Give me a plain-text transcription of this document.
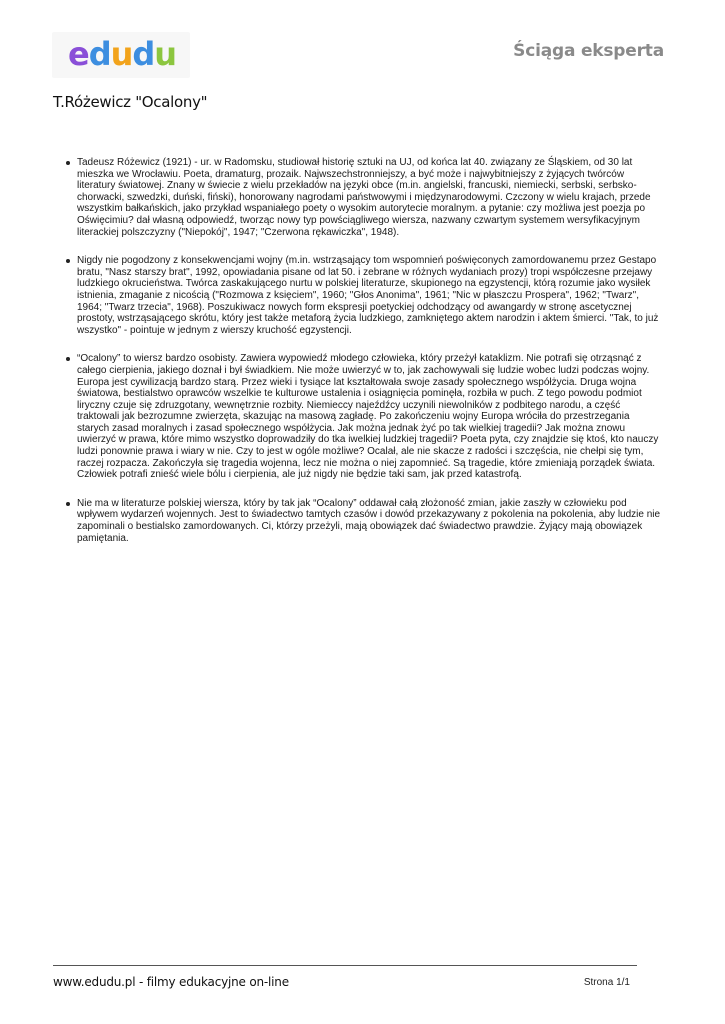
edudu	Ściąga eksperta
T.Różewicz "Ocalony"
Tadeusz Różewicz (1921) - ur. w Radomsku, studiował historię sztuki na UJ, od końca lat 40. związany ze Śląskiem, od 30 lat mieszka we Wrocławiu. Poeta, dramaturg, prozaik. Najwszechstronniejszy, a być może i najwybitniejszy z żyjących twórców literatury światowej. Znany w świecie z wielu przekładów na języki obce (m.in. angielski, francuski, niemiecki, serbski, serbsko-chorwacki, szwedzki, duński, fiński), honorowany nagrodami państwowymi i międzynarodowymi. Czczony w wielu krajach, przede wszystkim bałkańskich, jako przykład wspaniałego poety o wysokim autorytecie moralnym. a pytanie: czy możliwa jest poezja po Oświęcimiu? dał własną odpowiedź, tworząc nowy typ powściągliwego wiersza, nazwany czwartym systemem wersyfikacyjnym literackiej polszczyzny ("Niepokój", 1947; "Czerwona rękawiczka", 1948).
Nigdy nie pogodzony z konsekwencjami wojny (m.in. wstrząsający tom wspomnień poświęconych zamordowanemu przez Gestapo bratu, "Nasz starszy brat", 1992, opowiadania pisane od lat 50. i zebrane w różnych wydaniach prozy) tropi współczesne przejawy ludzkiego okrucieństwa. Twórca zaskakującego nurtu w polskiej literaturze, skupionego na egzystencji, którą rozumie jako wysiłek istnienia, zmaganie z nicością ("Rozmowa z księciem", 1960; "Głos Anonima", 1961; "Nic w płaszczu Prospera", 1962; "Twarz", 1964; "Twarz trzecia", 1968). Poszukiwacz nowych form ekspresji poetyckiej odchodzący od awangardy w stronę ascetycznej prostoty, wstrząsającego skrótu, który jest także metaforą życia ludzkiego, zamkniętego aktem narodzin i aktem śmierci. "Tak, to już wszystko" - pointuje w jednym z wierszy kruchość egzystencji.
“Ocalony” to wiersz bardzo osobisty. Zawiera wypowiedź młodego człowieka, który przeżył kataklizm. Nie potrafi się otrząsnąć z całego cierpienia, jakiego doznał i był świadkiem. Nie może uwierzyć w to, jak zachowywali się ludzie wobec ludzi podczas wojny. Europa jest cywilizacją bardzo starą. Przez wieki i tysiące lat kształtowała swoje zasady społecznego współżycia. Druga wojna światowa, bestialstwo oprawców wszelkie te kulturowe ustalenia i osiągnięcia pominęła, rozbiła w puch. Z tego powodu podmiot liryczny czuje się zdruzgotany, wewnętrznie rozbity. Niemieccy najeźdźcy uczynili niewolników z podbitego narodu, a część traktowali jak bezrozumne zwierzęta, skazując na masową zagładę. Po zakończeniu wojny Europa wróciła do przestrzegania starych zasad moralnych i zasad społecznego współżycia. Jak można jednak żyć po tak wielkiej tragedii? Jak można znowu uwierzyć w prawa, które mimo wszystko doprowadziły do tka iwelkiej ludzkiej tragedii? Poeta pyta, czy znajdzie się ktoś, kto nauczy ludzi ponownie prawa i wiary w nie. Czy to jest w ogóle możliwe? Ocalał, ale nie skacze z radości i szczęścia, nie chełpi się tym, raczej rozpacza. Zakończyła się tragedia wojenna, lecz nie można o niej zapomnieć. Są tragedie, które zmieniają porządek świata. Człowiek potrafi znieść wiele bólu i cierpienia, ale już nigdy nie będzie taki sam, jak przed katastrofą.
Nie ma w literaturze polskiej wiersza, który by tak jak “Ocalony” oddawał całą złożoność zmian, jakie zaszły w człowieku pod wpływem wydarzeń wojennych. Jest to świadectwo tamtych czasów i dowód przekazywany z pokolenia na pokolenia, aby ludzie nie zapominali o bestialsko zamordowanych. Ci, którzy przeżyli, mają obowiązek dać świadectwo prawdzie. Żyjący mają obowiązek pamiętania.
www.edudu.pl - filmy edukacyjne on-line	Strona 1/1
